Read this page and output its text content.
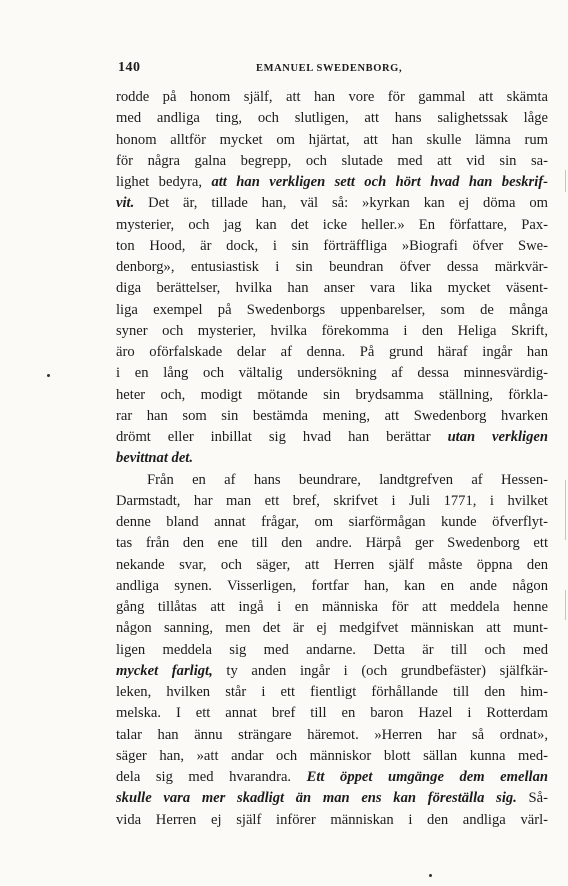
140	EMANUEL SWEDENBORG,
rodde på honom själf, att han vore för gammal att skämta
med andliga ting, och slutligen, att hans salighetssak låge
honom alltför mycket om hjärtat, att han skulle lämna rum
för några galna begrepp, och slutade med att vid sin sa-
lighet bedyra, att han verkligen sett och hört hvad han beskrif-
vit. Det är, tillade han, väl så: »kyrkan kan ej döma om
mysterier, och jag kan det icke heller.» En författare, Pax-
ton Hood, är dock, i sin förträffliga »Biografi öfver Swe-
denborg», entusiastisk i sin beundran öfver dessa märkvär-
diga berättelser, hvilka han anser vara lika mycket väsent-
liga exempel på Swedenborgs uppenbarelser, som de många
syner och mysterier, hvilka förekomma i den Heliga Skrift,
äro oförfalskade delar af denna. På grund häraf ingår han
i en lång och vältalig undersökning af dessa minnesvärdig-
heter och, modigt mötande sin brydsamma ställning, förkla-
rar han som sin bestämda mening, att Swedenborg hvarken
drömt eller inbillat sig hvad han berättar utan verkligen
bevittnat det.
Från en af hans beundrare, landtgrefven af Hessen-
Darmstadt, har man ett bref, skrifvet i Juli 1771, i hvilket
denne bland annat frågar, om siarförmågan kunde öfverflyt-
tas från den ene till den andre. Härpå ger Swedenborg ett
nekande svar, och säger, att Herren själf måste öppna den
andliga synen. Visserligen, fortfar han, kan en ande någon
gång tillåtas att ingå i en människa för att meddela henne
någon sanning, men det är ej medgifvet människan att munt-
ligen meddela sig med andarne. Detta är till och med
mycket farligt, ty anden ingår i (och grundbefäster) själfkär-
leken, hvilken står i ett fientligt förhållande till den him-
melska. I ett annat bref till en baron Hazel i Rotterdam
talar han ännu strängare häremot. »Herren har så ordnat»,
säger han, »att andar och människor blott sällan kunna med-
dela sig med hvarandra. Ett öppet umgänge dem emellan
skulle vara mer skadligt än man ens kan föreställa sig. Så-
vida Herren ej själf införer människan i den andliga värl-
